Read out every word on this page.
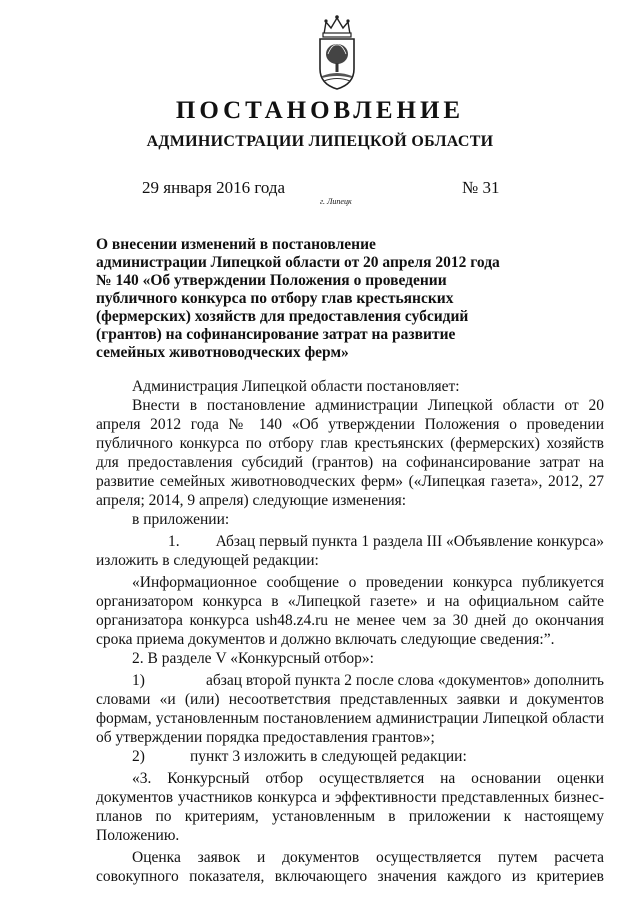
ПОСТАНОВЛЕНИЕ
АДМИНИСТРАЦИИ ЛИПЕЦКОЙ ОБЛАСТИ
29 января 2016 года
г. Липецк
№ 31
О внесении изменений в постановление
администрации Липецкой области от 20 апреля 2012 года
№ 140 «Об утверждении Положения о проведении
публичного конкурса по отбору глав крестьянских
(фермерских) хозяйств для предоставления субсидий
(грантов) на софинансирование затрат на развитие
семейных животноводческих ферм»
Администрация Липецкой области постановляет:
Внести в постановление администрации Липецкой области от 20
апреля 2012 года № 140 «Об утверждении Положения о проведении
публичного конкурса по отбору глав крестьянских (фермерских) хозяйств
для предоставления субсидий (грантов) на софинансирование затрат на
развитие семейных животноводческих ферм» («Липецкая газета», 2012, 27
апреля; 2014, 9 апреля) следующие изменения:
в приложении:
1.	Абзац первый пункта 1 раздела III «Объявление конкурса»
изложить в следующей редакции:
«Информационное сообщение о проведении конкурса публикуется
организатором конкурса в «Липецкой газете» и на официальном сайте
организатора конкурса ush48.z4.ru не менее чем за 30 дней до окончания
срока приема документов и должно включать следующие сведения:”.
2. В разделе V «Конкурсный отбор»:
1)	абзац второй пункта 2 после слова «документов» дополнить
словами «и (или) несоответствия представленных заявки и документов
формам, установленным постановлением администрации Липецкой области
об утверждении порядка предоставления грантов»;
2)	пункт 3 изложить в следующей редакции:
«3. Конкурсный отбор осуществляется на основании оценки
документов участников конкурса и эффективности представленных бизнес-
планов по критериям, установленным в приложении к настоящему
Положению.
Оценка заявок и документов осуществляется путем расчета
совокупного показателя, включающего значения каждого из критериев
